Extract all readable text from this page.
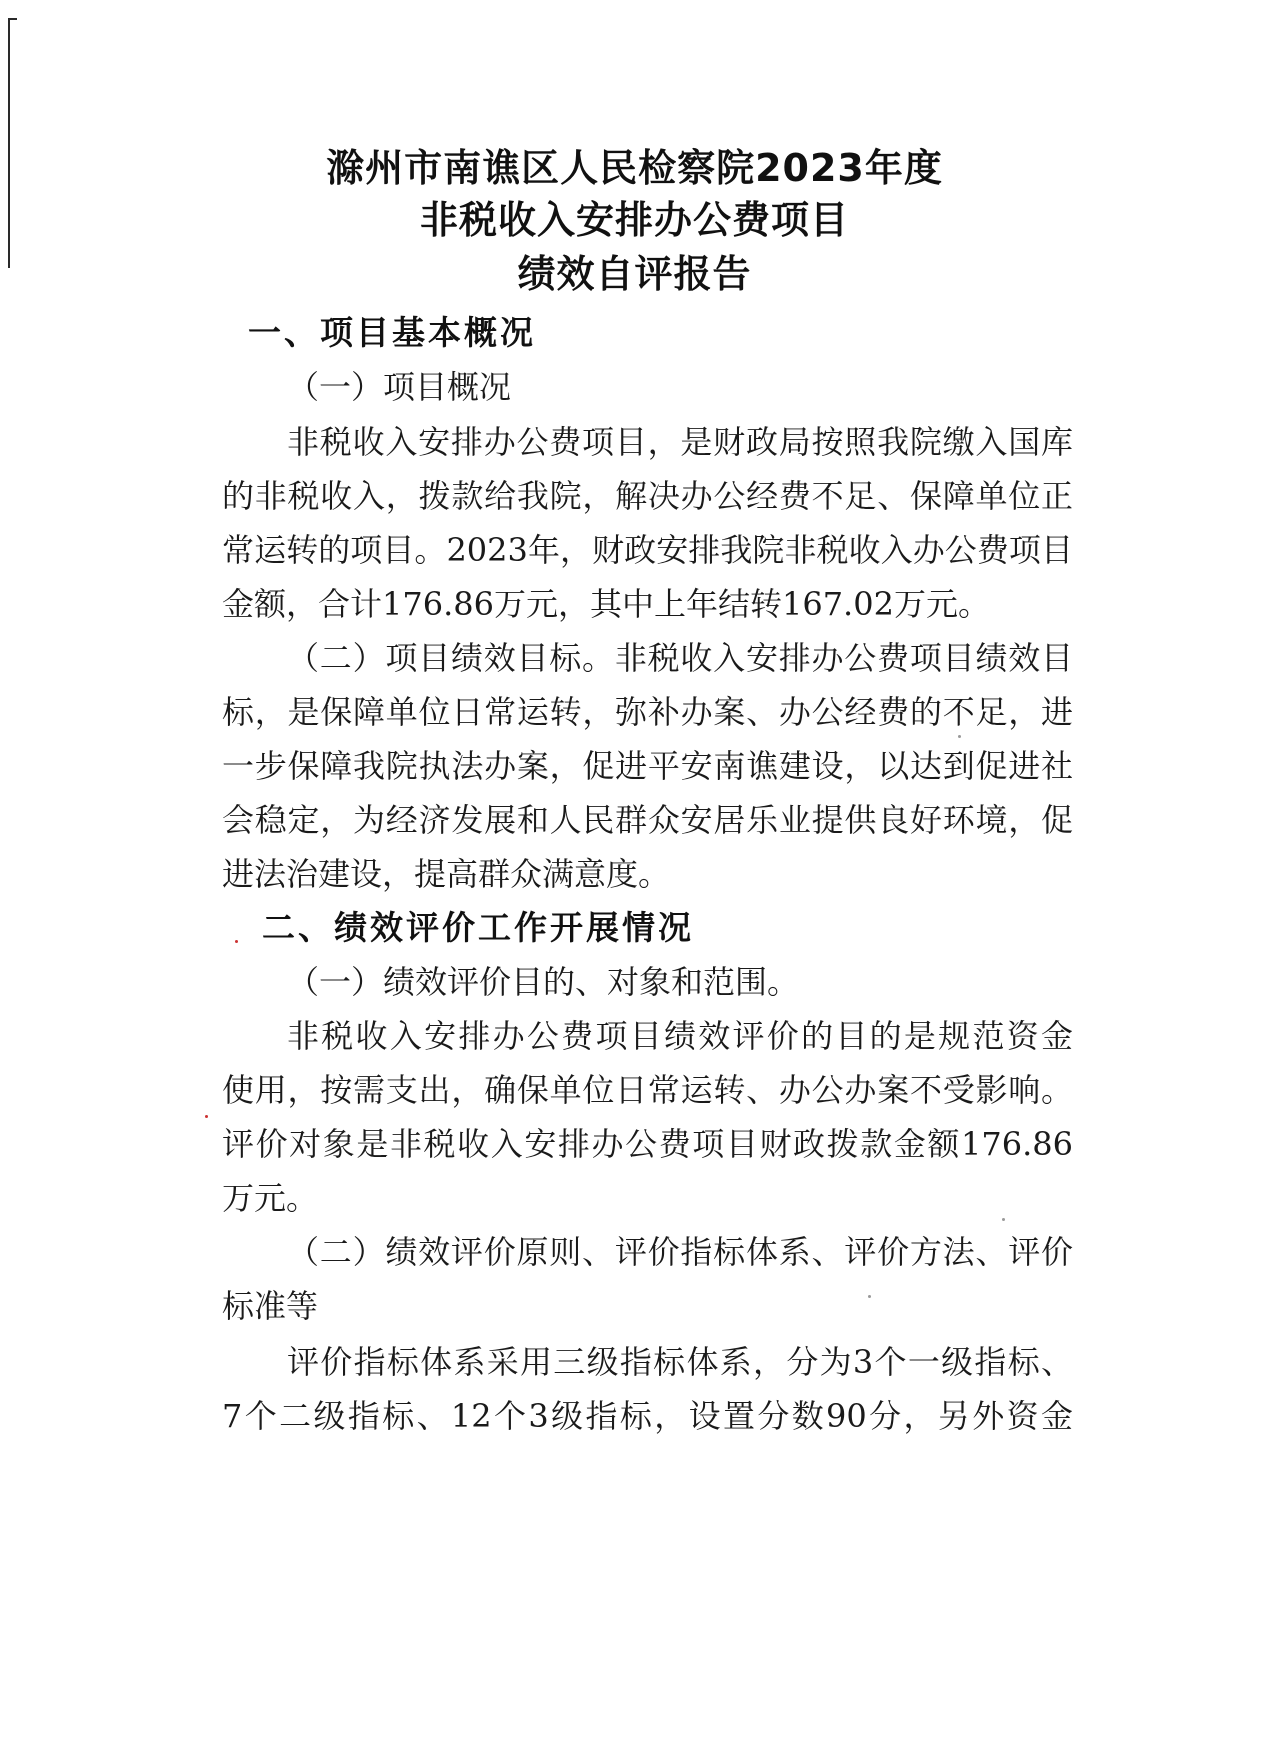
滁州市南谯区人民检察院2023年度
非税收入安排办公费项目
绩效自评报告
一、项目基本概况
（一）项目概况
非税收入安排办公费项目，是财政局按照我院缴入国库
的非税收入，拨款给我院，解决办公经费不足、保障单位正
常运转的项目。2023年，财政安排我院非税收入办公费项目
金额，合计176.86万元，其中上年结转167.02万元。
（二）项目绩效目标。非税收入安排办公费项目绩效目
标，是保障单位日常运转，弥补办案、办公经费的不足，进
一步保障我院执法办案，促进平安南谯建设，以达到促进社
会稳定，为经济发展和人民群众安居乐业提供良好环境，促
进法治建设，提高群众满意度。
二、绩效评价工作开展情况
（一）绩效评价目的、对象和范围。
非税收入安排办公费项目绩效评价的目的是规范资金
使用，按需支出，确保单位日常运转、办公办案不受影响。
评价对象是非税收入安排办公费项目财政拨款金额176.86
万元。
（二）绩效评价原则、评价指标体系、评价方法、评价
标准等
评价指标体系采用三级指标体系，分为3个一级指标、
7个二级指标、12个3级指标，设置分数90分，另外资金
